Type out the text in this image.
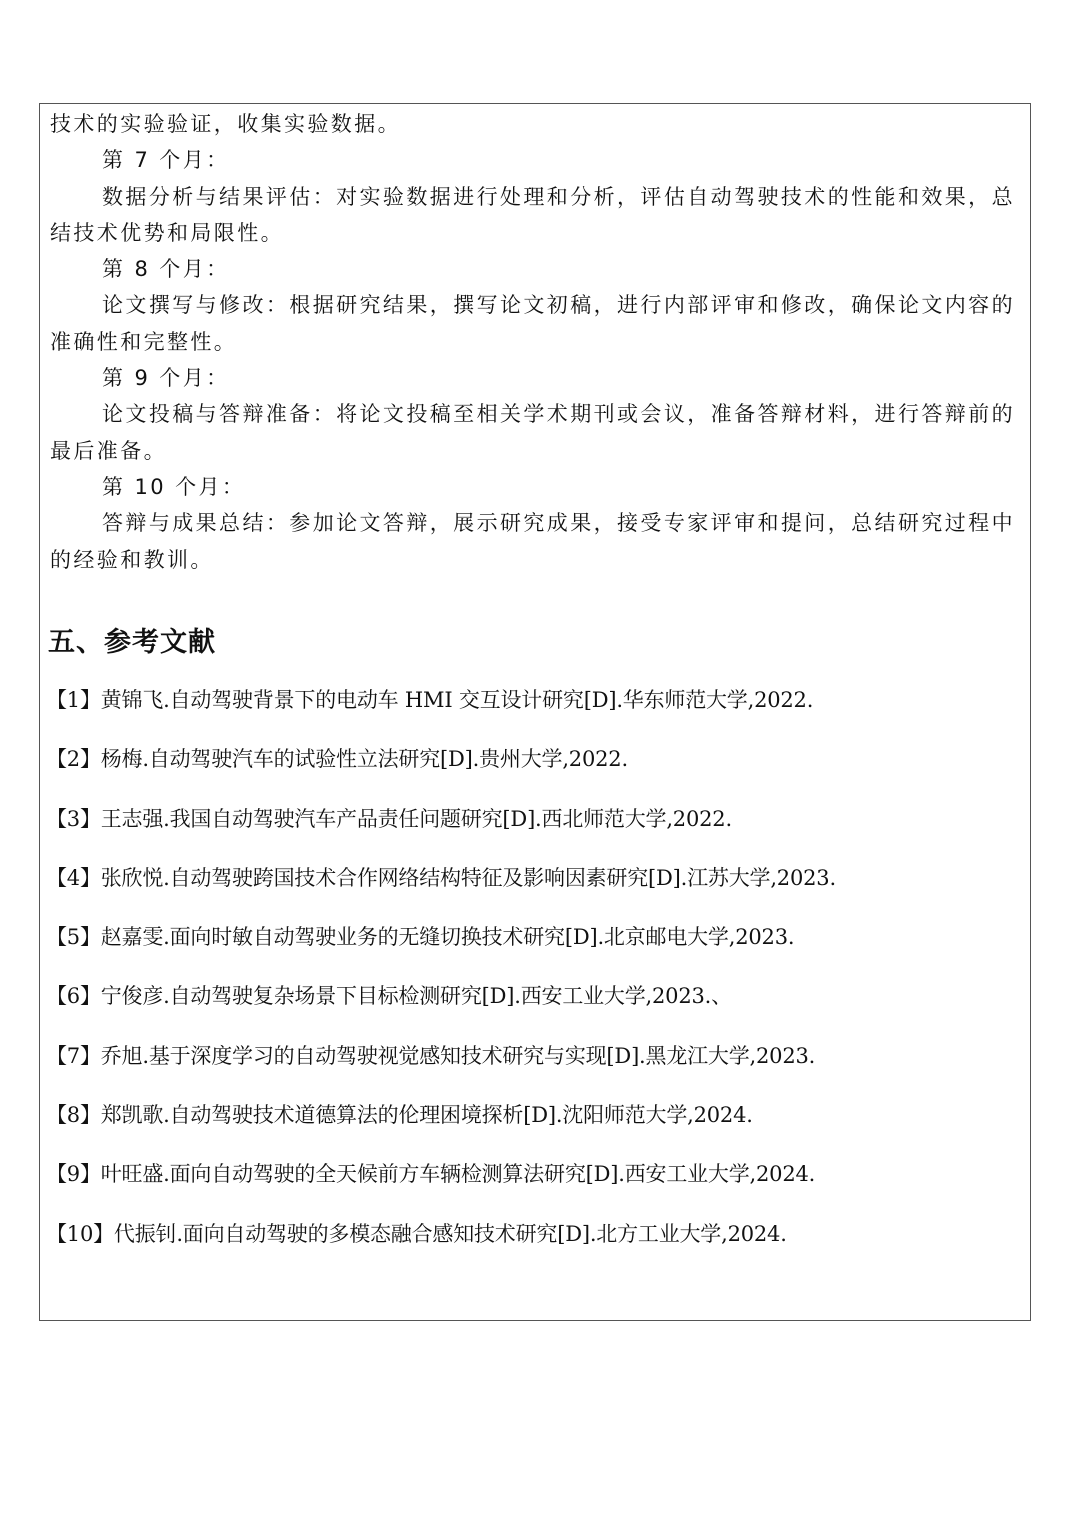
技术的实验验证，收集实验数据。

第 7 个月：

数据分析与结果评估：对实验数据进行处理和分析，评估自动驾驶技术的性能和效果，总结技术优势和局限性。

第 8 个月：

论文撰写与修改：根据研究结果，撰写论文初稿，进行内部评审和修改，确保论文内容的准确性和完整性。

第 9 个月：

论文投稿与答辩准备：将论文投稿至相关学术期刊或会议，准备答辩材料，进行答辩前的最后准备。

第 10 个月：

答辩与成果总结：参加论文答辩，展示研究成果，接受专家评审和提问，总结研究过程中的经验和教训。

五、参考文献
【1】黄锦飞.自动驾驶背景下的电动车 HMI 交互设计研究[D].华东师范大学,2022.
【2】杨梅.自动驾驶汽车的试验性立法研究[D].贵州大学,2022.
【3】王志强.我国自动驾驶汽车产品责任问题研究[D].西北师范大学,2022.
【4】张欣悦.自动驾驶跨国技术合作网络结构特征及影响因素研究[D].江苏大学,2023.
【5】赵嘉雯.面向时敏自动驾驶业务的无缝切换技术研究[D].北京邮电大学,2023.
【6】宁俊彦.自动驾驶复杂场景下目标检测研究[D].西安工业大学,2023.、
【7】乔旭.基于深度学习的自动驾驶视觉感知技术研究与实现[D].黑龙江大学,2023.
【8】郑凯歌.自动驾驶技术道德算法的伦理困境探析[D].沈阳师范大学,2024.
【9】叶旺盛.面向自动驾驶的全天候前方车辆检测算法研究[D].西安工业大学,2024.
【10】代振钊.面向自动驾驶的多模态融合感知技术研究[D].北方工业大学,2024.
